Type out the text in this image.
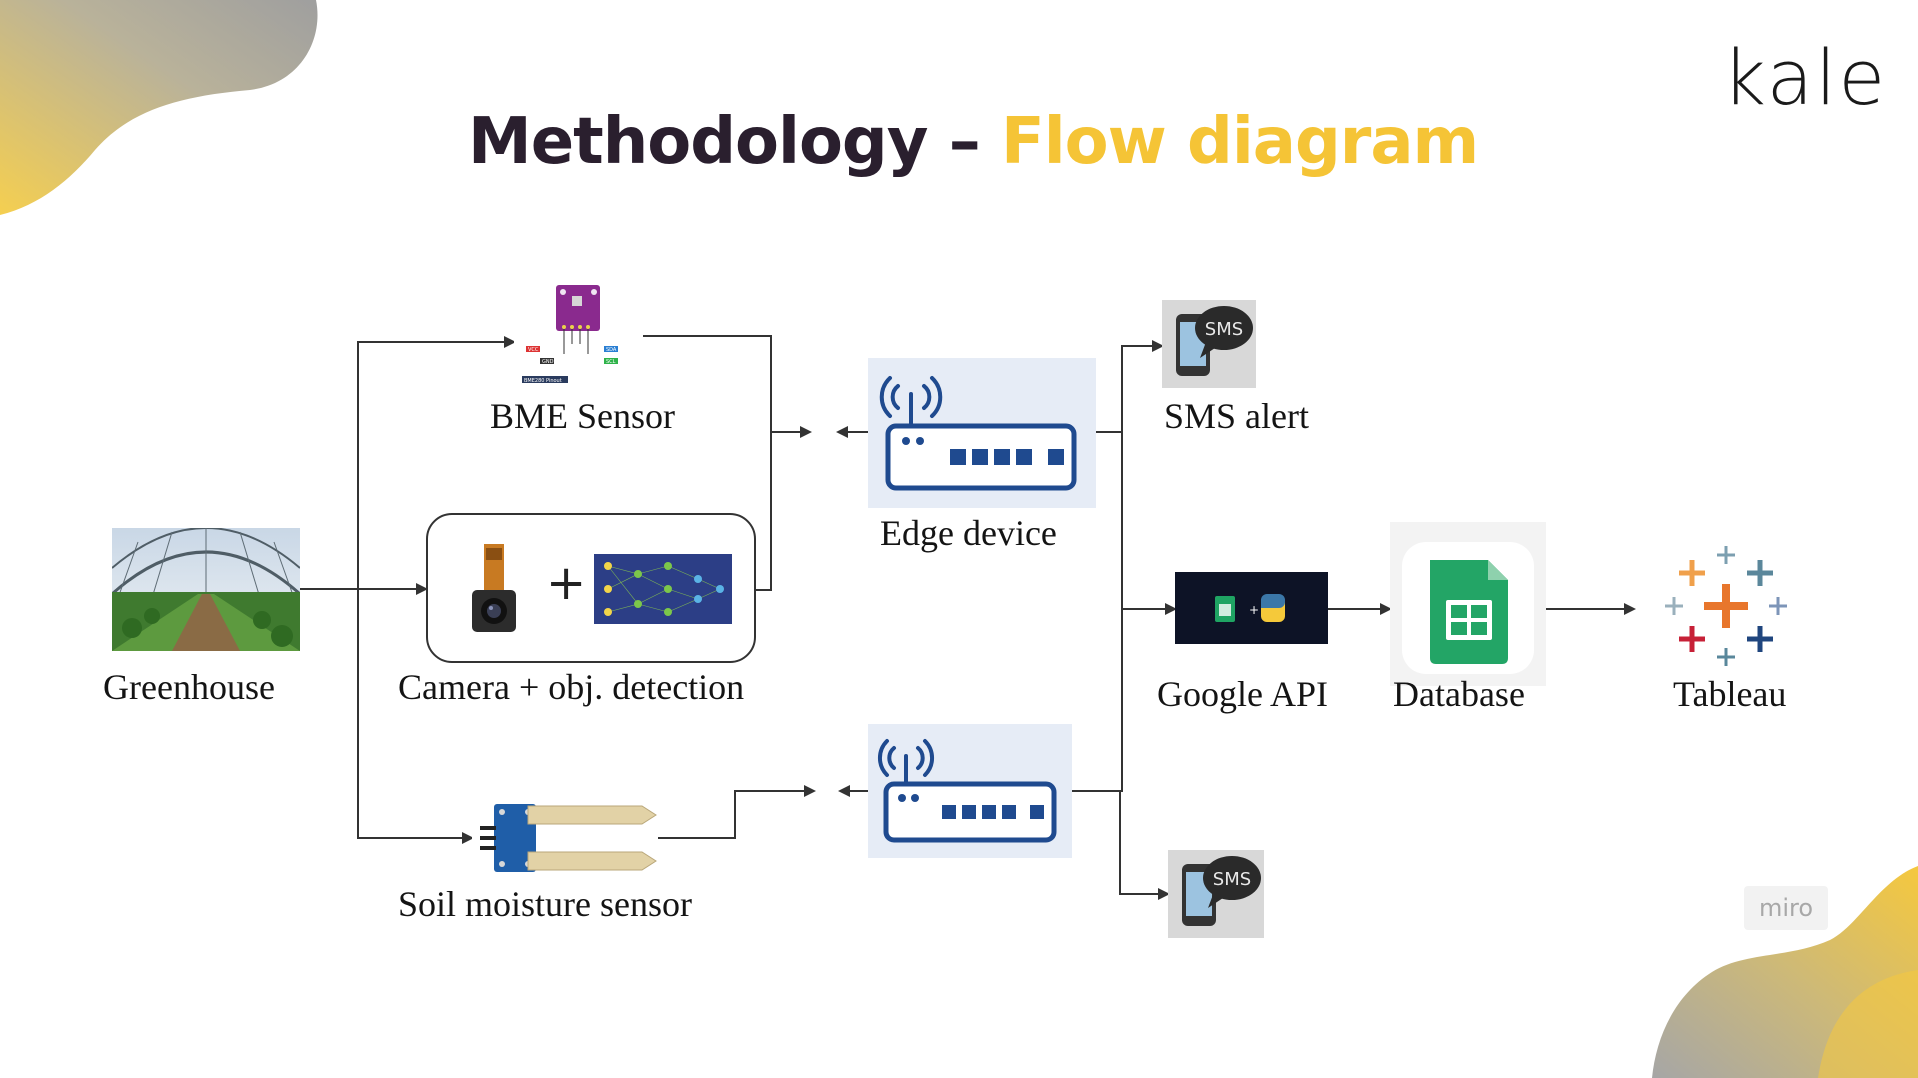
Methodology – Flow diagram
kale
Greenhouse
VCC
GND	SCL
SDA
BME280 Pinout
BME Sensor
+
Camera + obj. detection
Soil moisture sensor
Edge device
SMS
SMS alert
SMS
+
Google API Database	Tableau
miro
